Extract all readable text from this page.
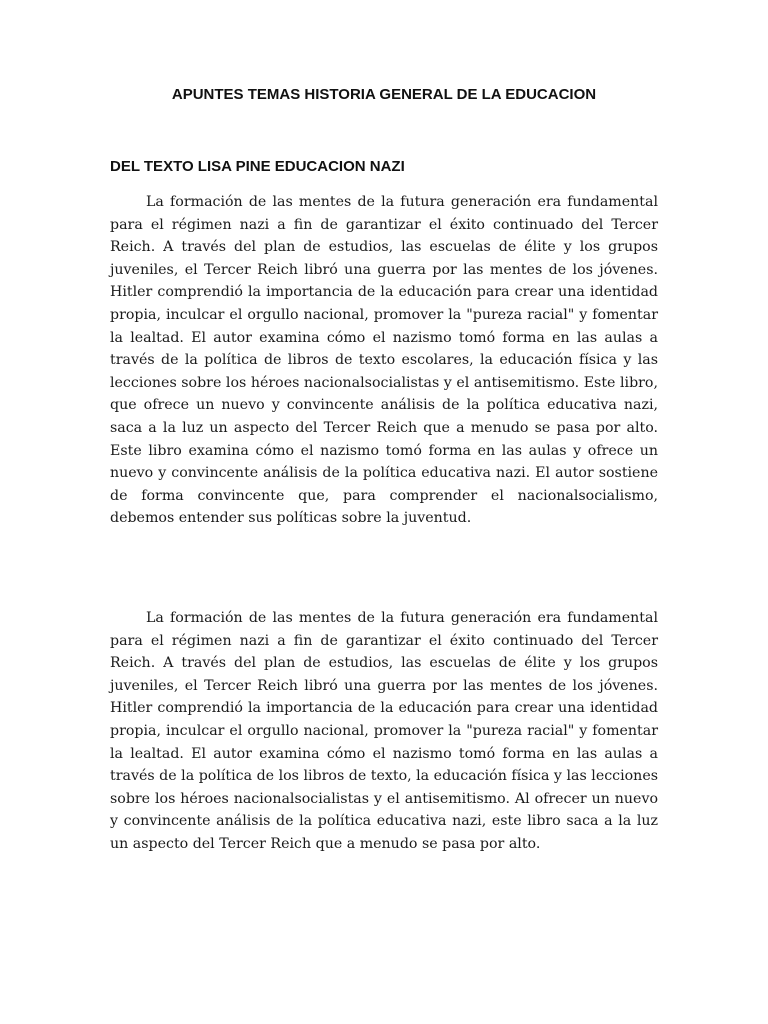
APUNTES TEMAS HISTORIA GENERAL DE LA EDUCACION
DEL TEXTO LISA PINE EDUCACION NAZI

La formación de las mentes de la futura generación era fundamental para el régimen nazi a fin de garantizar el éxito continuado del Tercer Reich. A través del plan de estudios, las escuelas de élite y los grupos juveniles, el Tercer Reich libró una guerra por las mentes de los jóvenes. Hitler comprendió la importancia de la educación para crear una identidad propia, inculcar el orgullo nacional, promover la "pureza racial" y fomentar la lealtad. El autor examina cómo el nazismo tomó forma en las aulas a través de la política de libros de texto escolares, la educación física y las lecciones sobre los héroes nacionalsocialistas y el antisemitismo. Este libro, que ofrece un nuevo y convincente análisis de la política educativa nazi, saca a la luz un aspecto del Tercer Reich que a menudo se pasa por alto. Este libro examina cómo el nazismo tomó forma en las aulas y ofrece un nuevo y convincente análisis de la política educativa nazi. El autor sostiene de forma convincente que, para comprender el nacionalsocialismo, debemos entender sus políticas sobre la juventud.

La formación de las mentes de la futura generación era fundamental para el régimen nazi a fin de garantizar el éxito continuado del Tercer Reich. A través del plan de estudios, las escuelas de élite y los grupos juveniles, el Tercer Reich libró una guerra por las mentes de los jóvenes. Hitler comprendió la importancia de la educación para crear una identidad propia, inculcar el orgullo nacional, promover la "pureza racial" y fomentar la lealtad. El autor examina cómo el nazismo tomó forma en las aulas a través de la política de los libros de texto, la educación física y las lecciones sobre los héroes nacionalsocialistas y el antisemitismo. Al ofrecer un nuevo y convincente análisis de la política educativa nazi, este libro saca a la luz un aspecto del Tercer Reich que a menudo se pasa por alto.
